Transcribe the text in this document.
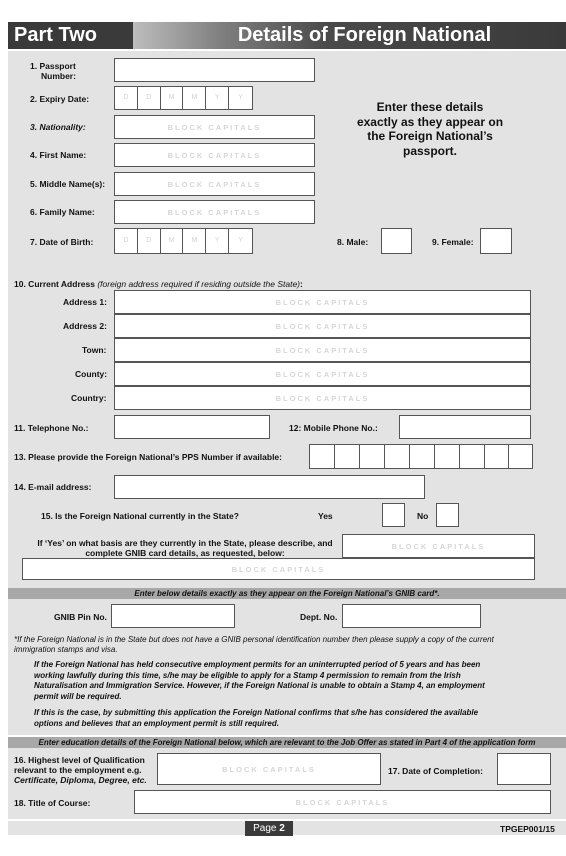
Part Two	Details of Foreign National
1. Passport
Number:
2. Expiry Date:	D	D	M	M	Y	Y
Enter these details
exactly as they appear on
the Foreign National’s
passport.
3. Nationality:	BLOCK CAPITALS
4. First Name:	BLOCK CAPITALS
5. Middle Name(s):	BLOCK CAPITALS
6. Family Name:	BLOCK CAPITALS
7. Date of Birth:	D	D	M	M	Y	Y	8. Male:	9. Female:
10. Current Address (foreign address required if residing outside the State):
Address 1:	BLOCK CAPITALS
Address 2:	BLOCK CAPITALS
Town:	BLOCK CAPITALS
County:	BLOCK CAPITALS
Country:	BLOCK CAPITALS
11. Telephone No.:	12: Mobile Phone No.:
13. Please provide the Foreign National’s PPS Number if available:
14. E-mail address:
15. Is the Foreign National currently in the State?	Yes	No
If ‘Yes’ on what basis are they currently in the State, please describe, and
complete GNIB card details, as requested, below:
BLOCK CAPITALS
BLOCK CAPITALS
Enter below details exactly as they appear on the Foreign National’s GNIB card*.
GNIB Pin No.	Dept. No.
*If the Foreign National is in the State but does not have a GNIB personal identification number then please supply a copy of the current
immigration stamps and visa.
If the Foreign National has held consecutive employment permits for an uninterrupted period of 5 years and has been
working lawfully during this time, s/he may be eligible to apply for a Stamp 4 permission to remain from the Irish
Naturalisation and Immigration Service. However, if the Foreign National is unable to obtain a Stamp 4, an employment
permit will be required.
If this is the case, by submitting this application the Foreign National confirms that s/he has considered the available
options and believes that an employment permit is still required.
Enter education details of the Foreign National below, which are relevant to the Job Offer as stated in Part 4 of the application form
16. Highest level of Qualification
relevant to the employment e.g.
Certificate, Diploma, Degree, etc.
BLOCK CAPITALS	17. Date of Completion:
18. Title of Course:	BLOCK CAPITALS
Page 2	TPGEP001/15
